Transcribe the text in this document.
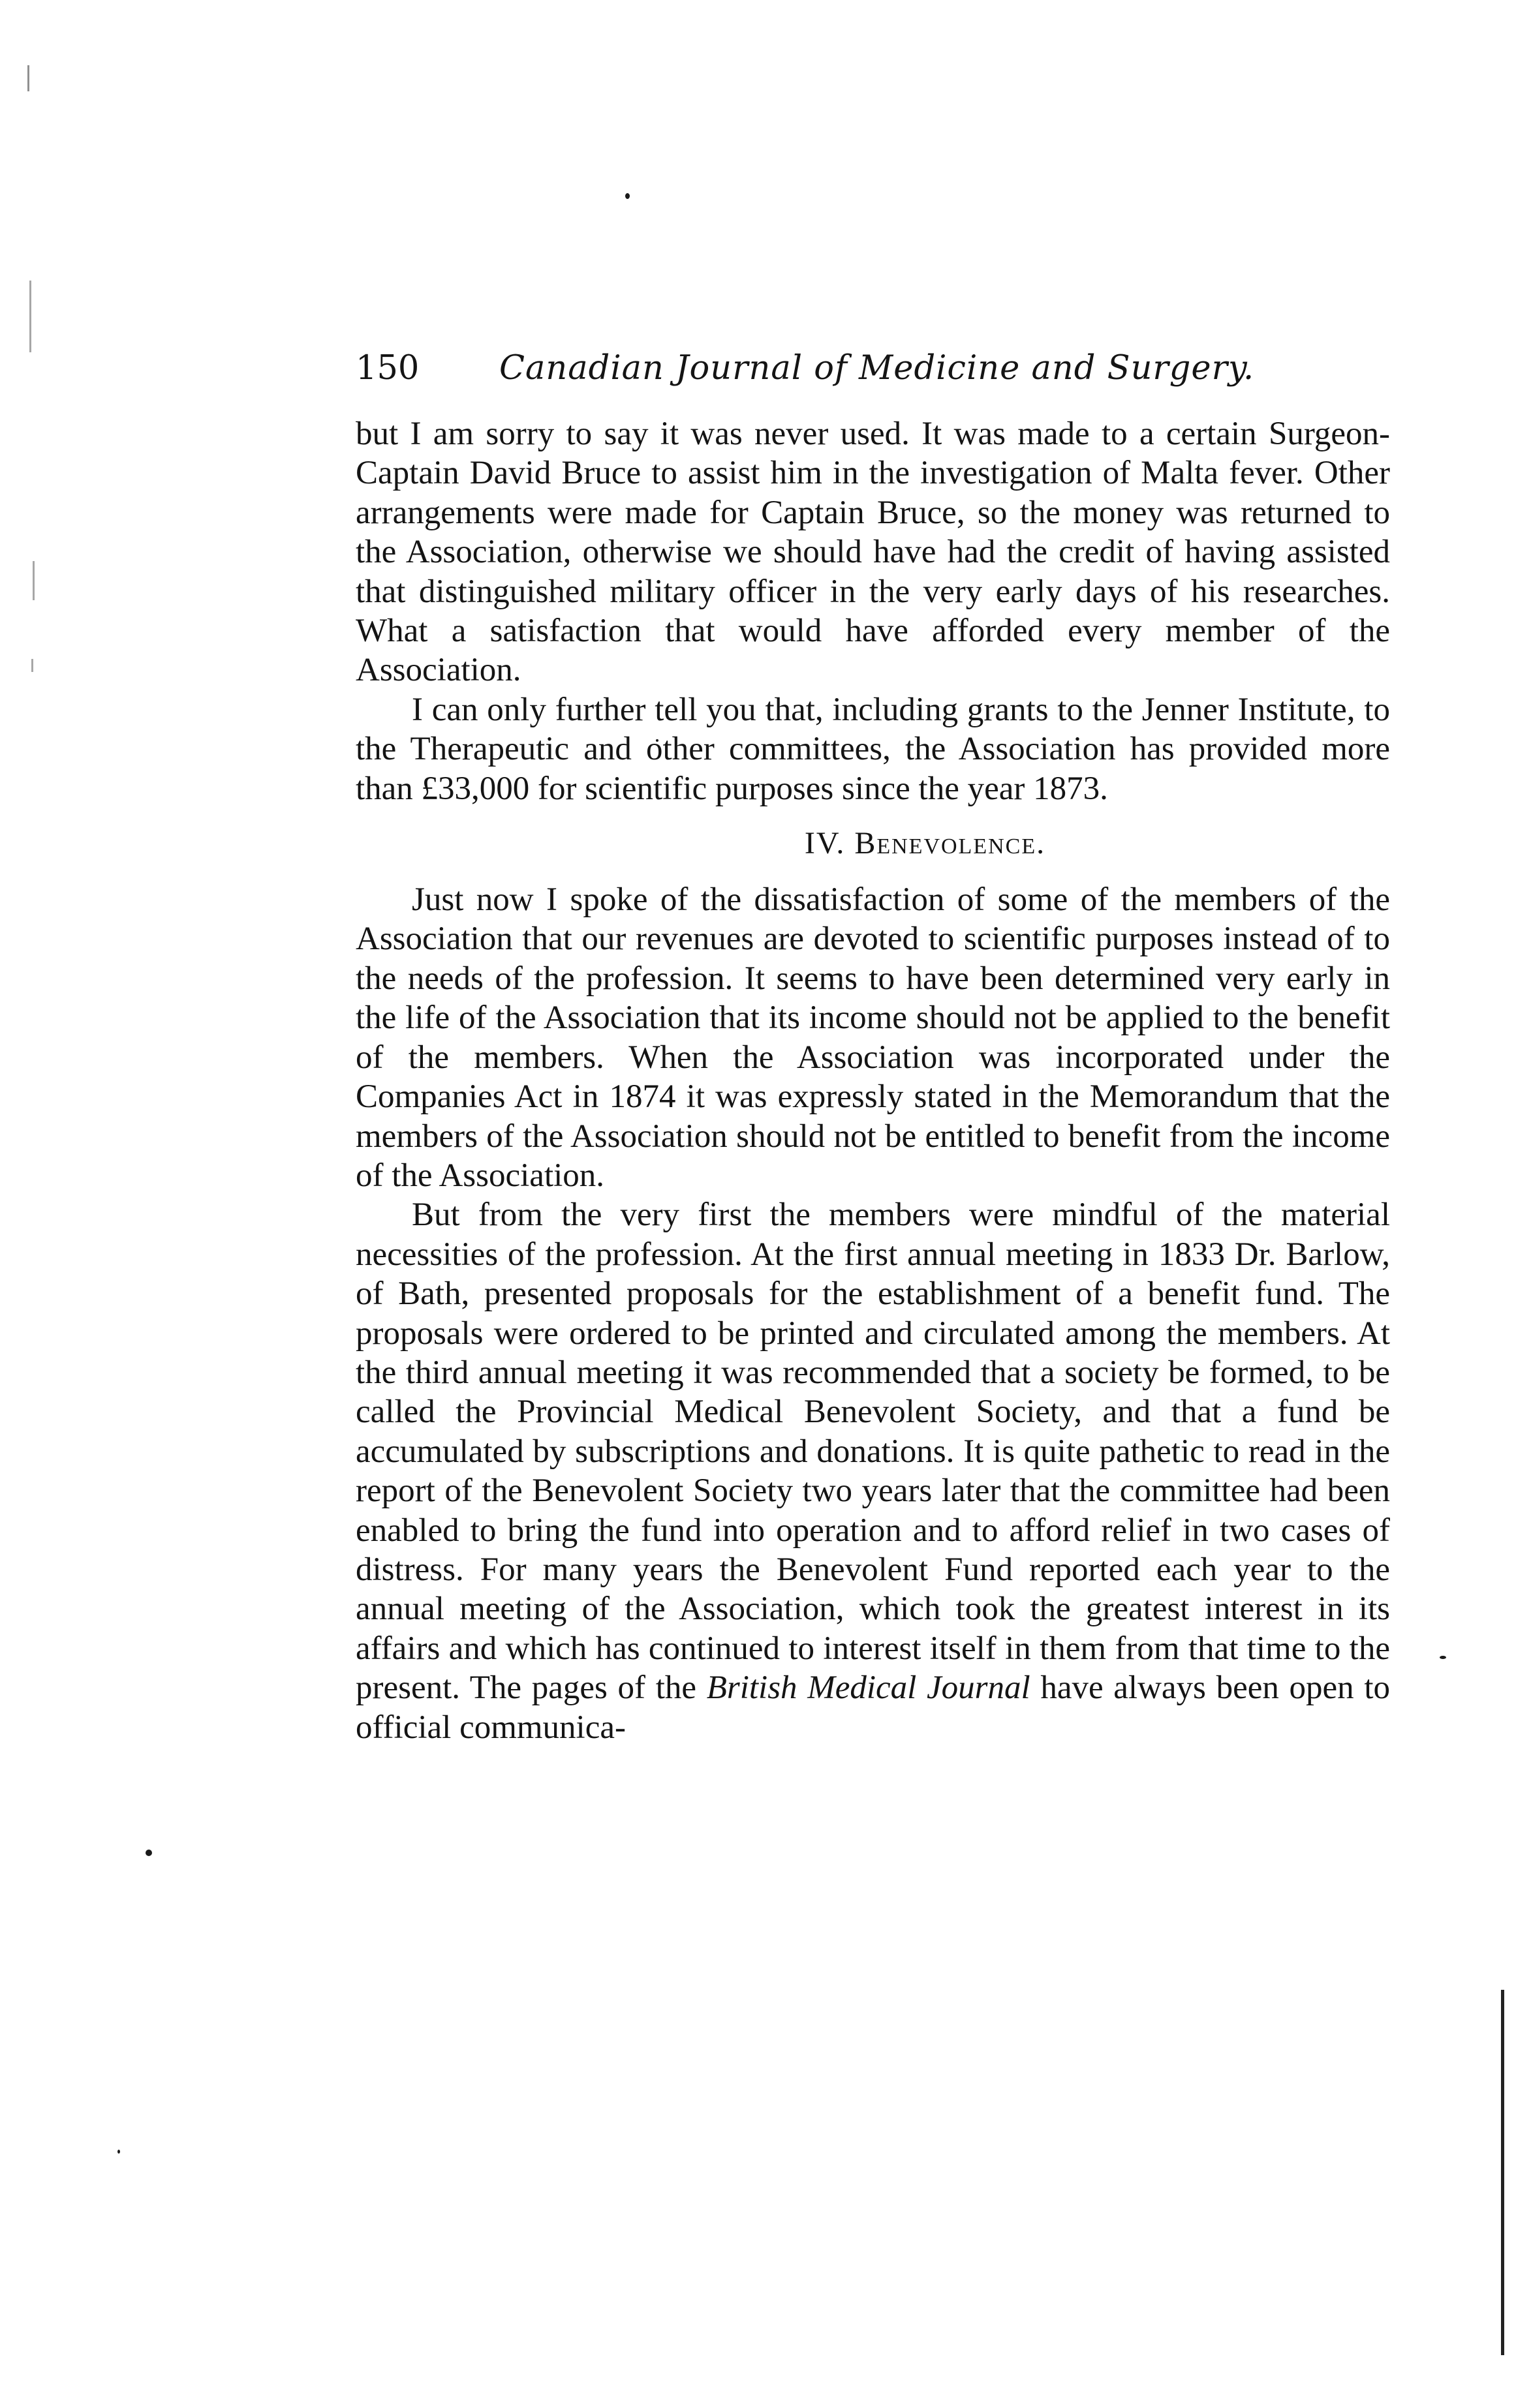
150 Canadian Journal of Medicine and Surgery.

but I am sorry to say it was never used. It was made to a certain Surgeon-Captain David Bruce to assist him in the investigation of Malta fever. Other arrangements were made for Captain Bruce, so the money was returned to the Association, otherwise we should have had the credit of having assisted that distinguished military officer in the very early days of his researches. What a satisfaction that would have afforded every member of the Association.

I can only further tell you that, including grants to the Jenner Institute, to the Therapeutic and other committees, the Association has provided more than £33,000 for scientific purposes since the year 1873.

IV. Benevolence.

Just now I spoke of the dissatisfaction of some of the members of the Association that our revenues are devoted to scientific purposes instead of to the needs of the profession. It seems to have been determined very early in the life of the Association that its income should not be applied to the benefit of the members. When the Association was incorporated under the Companies Act in 1874 it was expressly stated in the Memorandum that the members of the Association should not be entitled to benefit from the income of the Association.

But from the very first the members were mindful of the material necessities of the profession. At the first annual meeting in 1833 Dr. Barlow, of Bath, presented proposals for the establishment of a benefit fund. The proposals were ordered to be printed and circulated among the members. At the third annual meeting it was recommended that a society be formed, to be called the Provincial Medical Benevolent Society, and that a fund be accumulated by subscriptions and donations. It is quite pathetic to read in the report of the Benevolent Society two years later that the committee had been enabled to bring the fund into operation and to afford relief in two cases of distress. For many years the Benevolent Fund reported each year to the annual meeting of the Association, which took the greatest interest in its affairs and which has continued to interest itself in them from that time to the present. The pages of the British Medical Journal have always been open to official communica-
